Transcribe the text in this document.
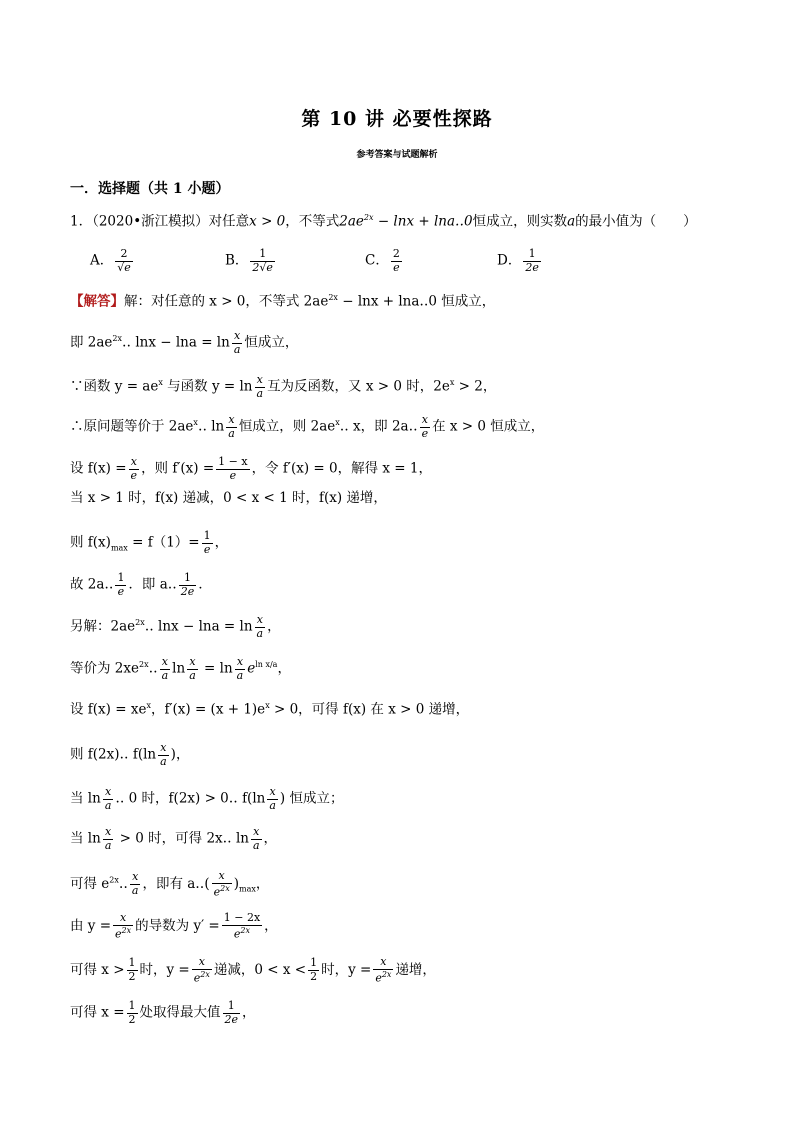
第 10 讲 必要性探路
参考答案与试题解析
一．选择题（共 1 小题）
1．（2020•浙江模拟）对任意x > 0，不等式$2ae^{2x} - \ln x$ + lna‥0恒成立，则实数a的最小值为（　　）
A． $\frac{2}{√e}$	B． $\frac{1}{2√e}$	C． $\frac{2}{e}$	D． $\frac{1}{2e}$
【解答】解：对任意的 x > 0，不等式 $2ae^{2x} - \ln x$ + lna‥0 恒成立，
即 $2ae^{2x}‥$ $\ln x - \ln a = \ln \frac{x}{a}$ 恒成立，
∵函数 $y = ae^x$ 与函数 $y = \ln \frac{x}{a}$ 互为反函数，又 x > 0 时，$2e^x > 2$，
∴原问题等价于 $2ae^x‥$ $\ln \frac{x}{a}$ 恒成立，则 $2ae^x‥$ x，即 2a‥ $\frac{x}{e}$ 在 x > 0 恒成立，
设 $f(x) = \frac{x}{e}$ ，则 $f'(x) = \frac{1 - x}{e}$ ，令 f′(x) = 0，解得 x = 1，
当 x > 1 时，f(x) 递减，0 < x < 1 时，f(x) 递增，
则 $f(x)_{max} = f(1)= \frac{1}{e}$ ，
故 2a‥ $\frac{1}{e}$ ．即 a‥ $\frac{1}{2e}$ ．
另解：$2ae^{2x}‥$ $\ln x - \ln a = \ln \frac{x}{a}$ ，
等价为 $2xe^{2x}‥ \frac{x}{a}$ $\ln \frac{x}{a} = \ln \frac{x}{a} e^{ln x/a}$，
设 $f(x) = xe^x$，$f'(x) = (x + 1)e^x > 0$，可得 f(x) 在 x > 0 递增，
则 f(2x)‥ $f(\ln \frac{x}{a}$ )，
当 $\ln \frac{x}{a}$ ‥ 0 时，f(2x) > 0‥ $f(\ln \frac{x}{a}$ ) 恒成立；
当 $\ln \frac{x}{a} > 0$ 时，可得 2x‥ $\ln \frac{x}{a}$ ，
可得 $e^{2x}‥ \frac{x}{a}$ ，即有 a‥( $\frac{x}{e^{2x}} )_{max}$，
由 $y = \frac{x}{e^{2x}}$ 的导数为 $y' = \frac{1 - 2x}{e^{2x}}$ ，
可得 $x > \frac{1}{2}$ 时，$y = \frac{x}{e^{2x}}$ 递减，$0 < x < \frac{1}{2}$ 时，$y = \frac{x}{e^{2x}}$ 递增，
可得 $x = \frac{1}{2}$ 处取得最大值 $\frac{1}{2e}$ ，
